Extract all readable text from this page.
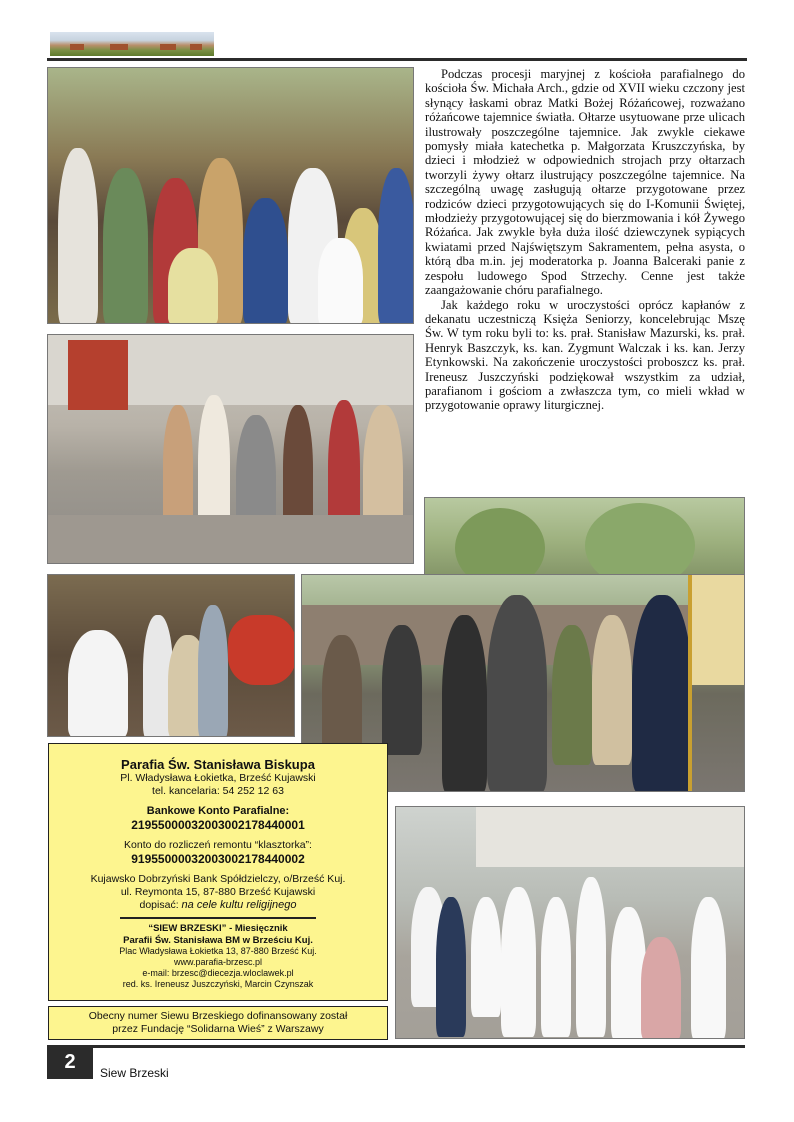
Podczas procesji maryjnej z kościoła parafialnego do kościoła Św. Michała Arch., gdzie od XVII wieku czczony jest słynący łaskami obraz Matki Bożej Różańcowej, rozważano różańcowe tajemnice światła. Ołtarze usytuowane prze ulicach ilustrowały poszczególne tajemnice. Jak zwykle ciekawe pomysły miała katechetka p. Małgorzata Kruszczyńska, by dzieci i młodzież w odpowiednich strojach przy ołtarzach tworzyli żywy ołtarz ilustrujący poszczególne tajemnice. Na szczególną uwagę zasługują ołtarze przygotowane przez rodziców dzieci przygotowujących się do I-Komunii Świętej, młodzieży przygotowującej się do bierzmowania i kół Żywego Różańca. Jak zwykle była duża ilość dziewczynek sypiących kwiatami przed Najświętszym Sakramentem, pełna asysta, o którą dba m.in. jej moderatorka p. Joanna Balceraki panie z zespołu ludowego Spod Strzechy. Cenne jest także zaangażowanie chóru parafialnego.

Jak każdego roku w uroczystości oprócz kapłanów z dekanatu uczestniczą Księża Seniorzy, koncelebrując Mszę Św. W tym roku byli to: ks. prał. Stanisław Mazurski, ks. prał. Henryk Baszczyk, ks. kan. Zygmunt Walczak i ks. kan. Jerzy Etynkowski. Na zakończenie uroczystości proboszcz ks. prał. Ireneusz Juszczyński podziękował wszystkim za udział, parafianom i gościom a zwłaszcza tym, co mieli wkład w przygotowanie oprawy liturgicznej.

Parafia Św. Stanisława Biskupa
Pl. Władysława Łokietka, Brześć Kujawski
tel. kancelaria: 54 252 12 63
Bankowe Konto Parafialne:
21955000032003002178440001
Konto do rozliczeń remontu “klasztorka”:
91955000032003002178440002
Kujawsko Dobrzyński Bank Spółdzielczy, o/Brześć Kuj.
ul. Reymonta 15, 87-880 Brześć Kujawski
dopisać: na cele kultu religijnego
“SIEW BRZESKI” - Miesięcznik
Parafii Św. Stanisława BM w Brześciu Kuj.
Plac Władysława Łokietka 13, 87-880 Brześć Kuj.
www.parafia-brzesc.pl
e-mail: brzesc@diecezja.wloclawek.pl
red. ks. Ireneusz Juszczyński, Marcin Czynszak
Obecny numer Siewu Brzeskiego dofinansowany został
przez Fundację “Solidarna Wieś” z Warszawy
2	Siew Brzeski
